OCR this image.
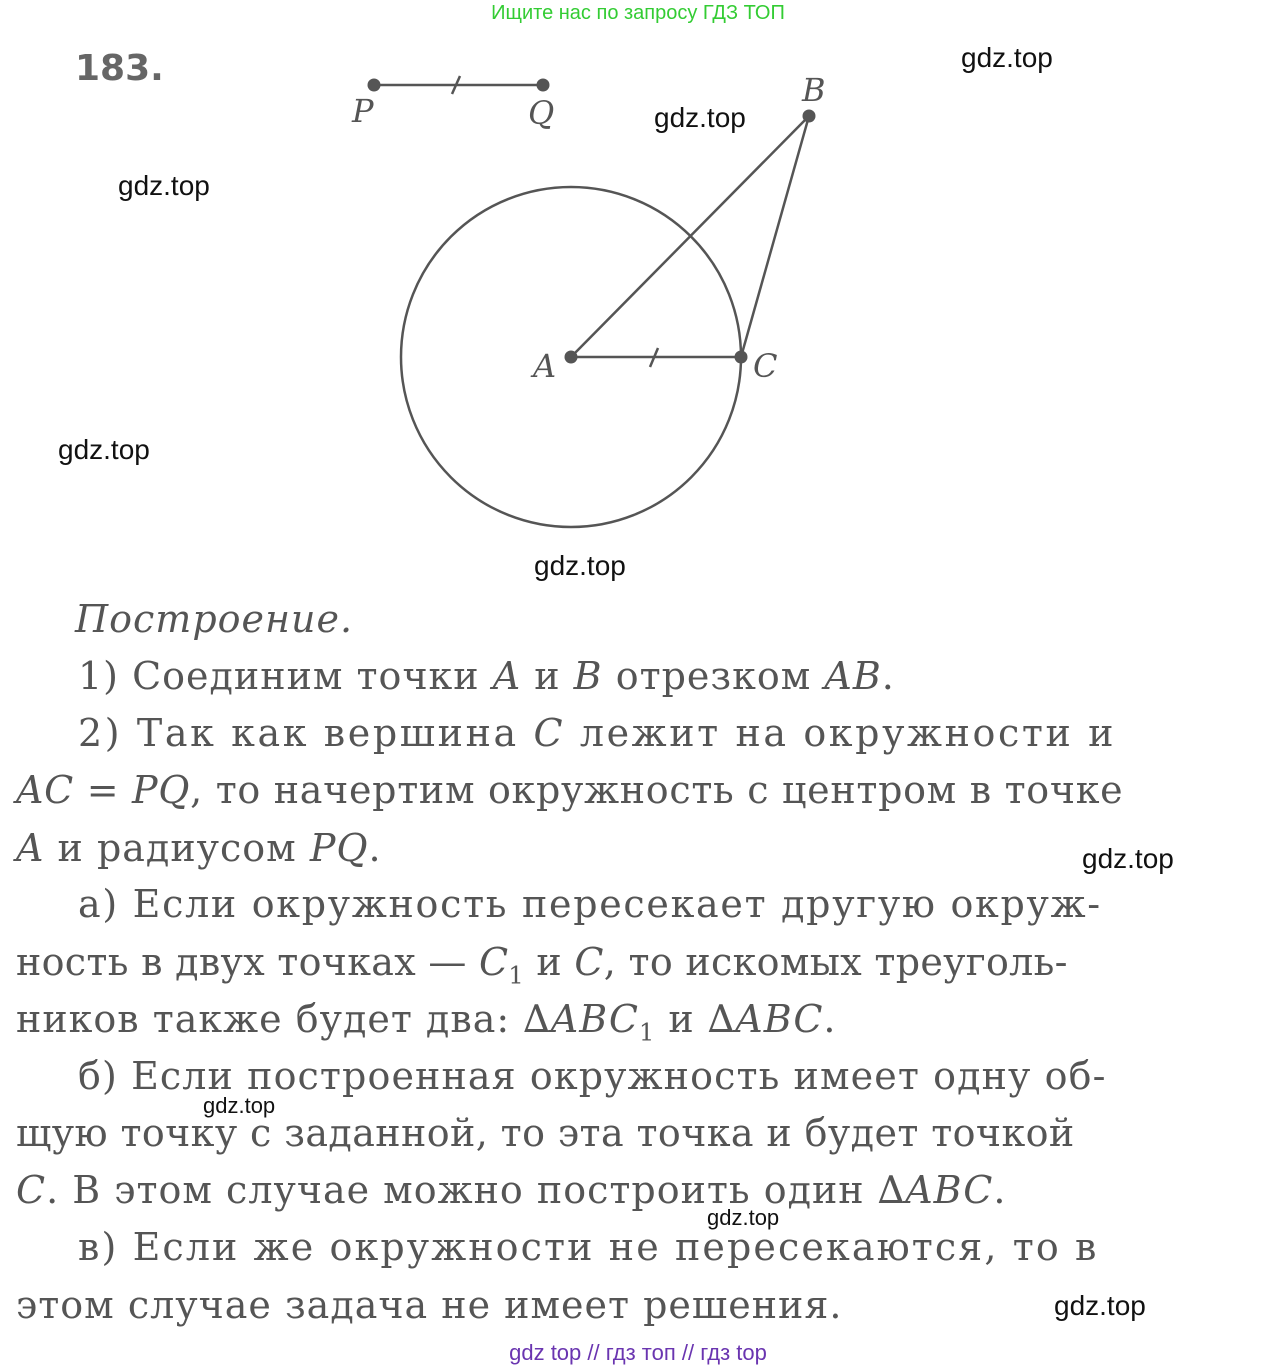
Ищите нас по запросу ГДЗ ТОП
183.
P	Q
A
B
C
gdz.top
gdz.top
gdz.top
gdz.top
gdz.top
gdz.top
gdz.top
gdz.top
gdz.top
Построение.
1) Соединим точки A и B отрезком AB.
2) Так как вершина C лежит на окружности и
AC = PQ, то начертим окружность с центром в точке
A и радиусом PQ.
а) Если окружность пересекает другую окруж-
ность в двух точках — $C_1$ и C, то искомых треуголь-
ников также будет два: $\Delta ABC_1$ и ∆ABC.
б) Если построенная окружность имеет одну об-
щую точку с заданной, то эта точка и будет точкой
C. В этом случае можно построить один ∆ABC.
в) Если же окружности не пересекаются, то в
этом случае задача не имеет решения.
gdz top // гдз топ // гдз top
